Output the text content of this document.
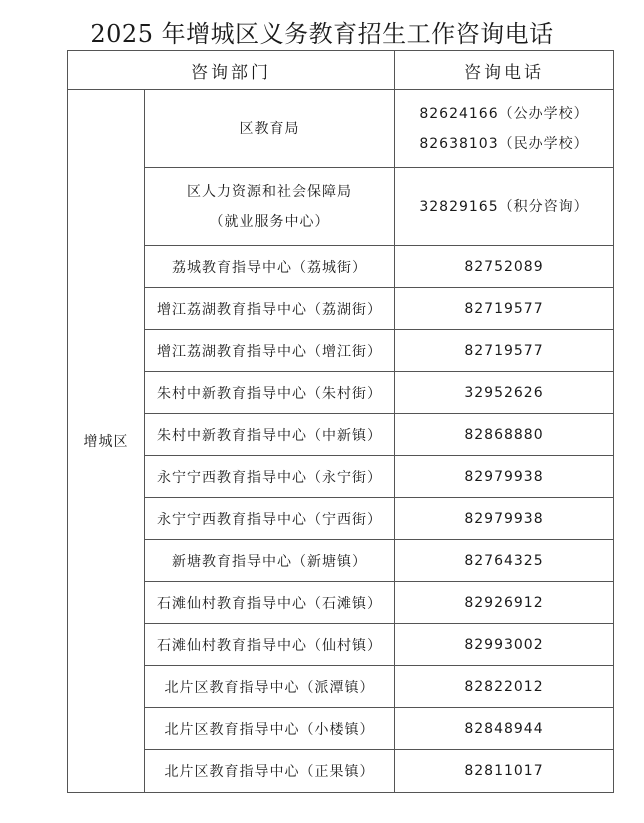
2025 年增城区义务教育招生工作咨询电话
咨询部门		咨询电话
增城区	区教育局	82624166（公办学校）
82638103（民办学校）

	区人力资源和社会保障局
（就业服务中心）	32829165（积分咨询）

	荔城教育指导中心（荔城街）	82752089
	增江荔湖教育指导中心（荔湖街）	82719577
	增江荔湖教育指导中心（增江街）	82719577
	朱村中新教育指导中心（朱村街）	32952626
	朱村中新教育指导中心（中新镇）	82868880
	永宁宁西教育指导中心（永宁街）	82979938
	永宁宁西教育指导中心（宁西街）	82979938
	新塘教育指导中心（新塘镇）	82764325
	石滩仙村教育指导中心（石滩镇）	82926912
	石滩仙村教育指导中心（仙村镇）	82993002
	北片区教育指导中心（派潭镇）	82822012
	北片区教育指导中心（小楼镇）	82848944
	北片区教育指导中心（正果镇）	82811017
